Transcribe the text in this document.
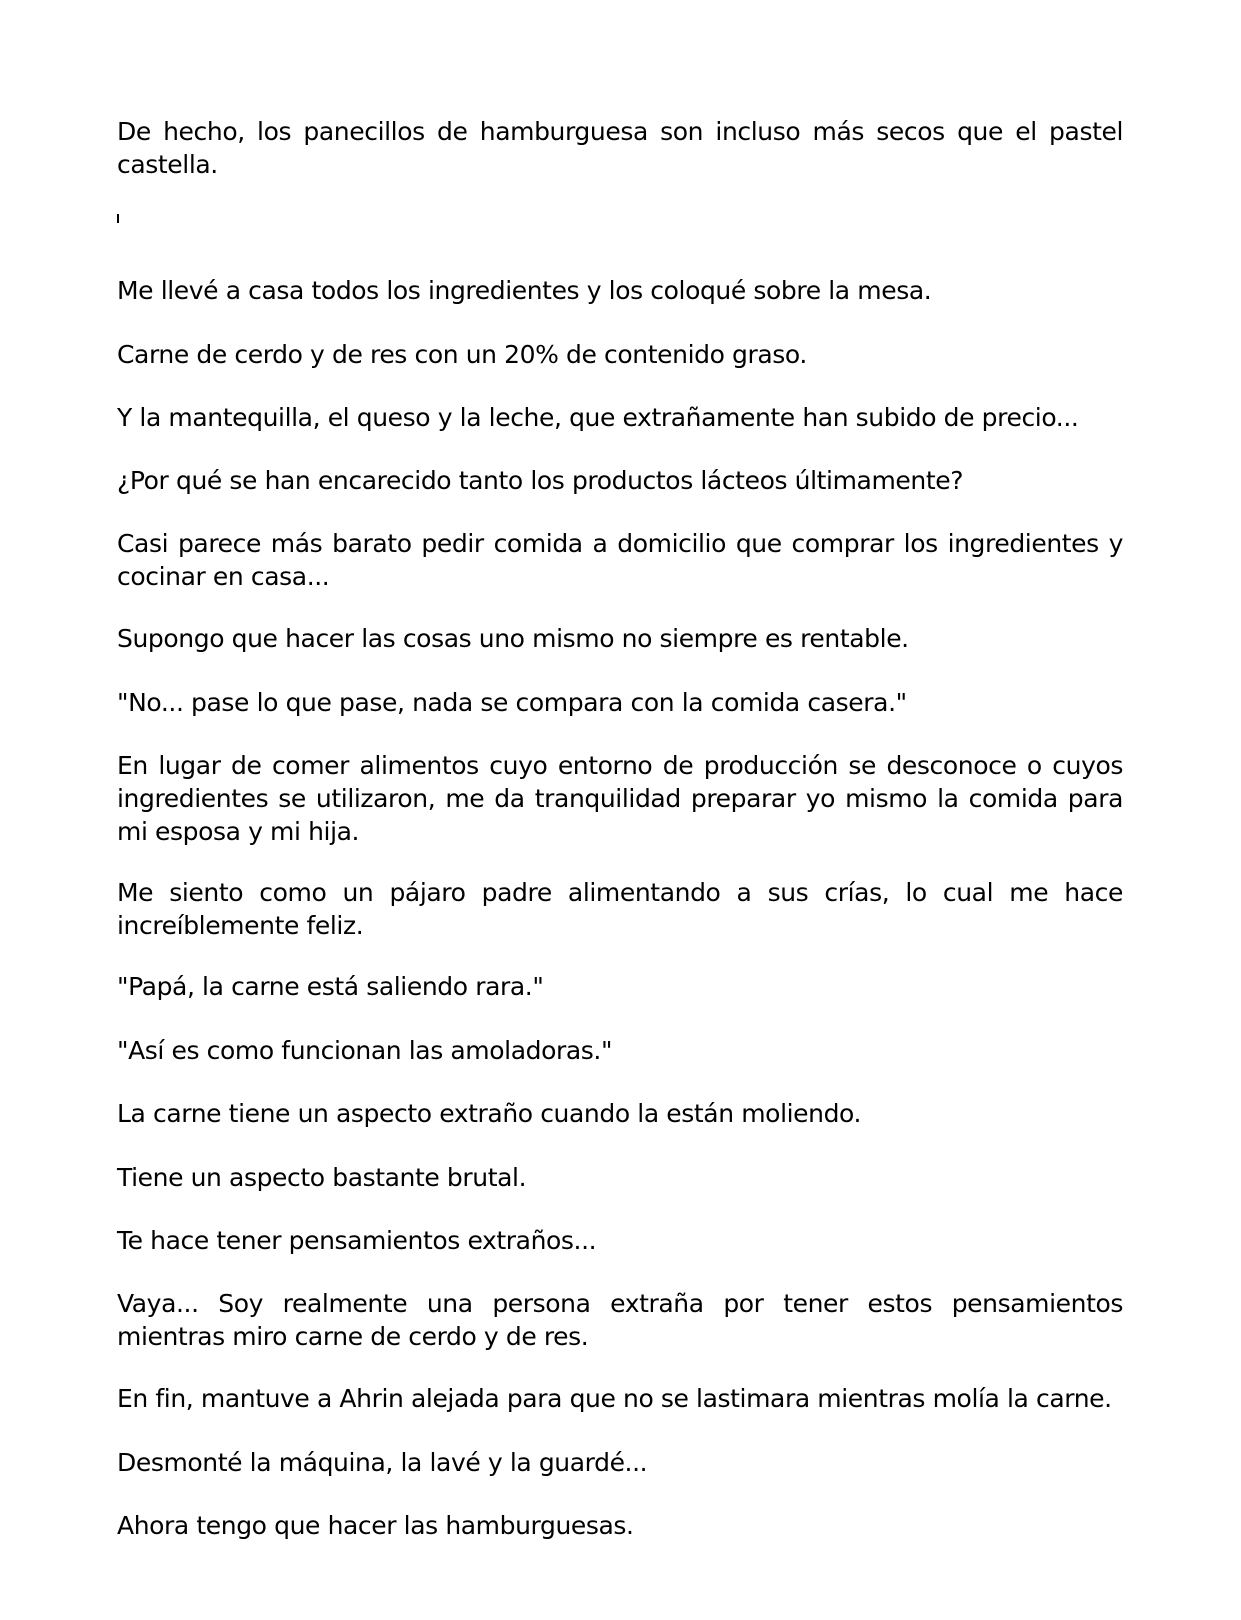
De hecho, los panecillos de hamburguesa son incluso más secos que el pastel castella.

Me llevé a casa todos los ingredientes y los coloqué sobre la mesa.

Carne de cerdo y de res con un 20% de contenido graso.

Y la mantequilla, el queso y la leche, que extrañamente han subido de precio...

¿Por qué se han encarecido tanto los productos lácteos últimamente?

Casi parece más barato pedir comida a domicilio que comprar los ingredientes y cocinar en casa...

Supongo que hacer las cosas uno mismo no siempre es rentable.

"No... pase lo que pase, nada se compara con la comida casera."

En lugar de comer alimentos cuyo entorno de producción se desconoce o cuyos ingredientes se utilizaron, me da tranquilidad preparar yo mismo la comida para mi esposa y mi hija.

Me siento como un pájaro padre alimentando a sus crías, lo cual me hace increíblemente feliz.

"Papá, la carne está saliendo rara."

"Así es como funcionan las amoladoras."

La carne tiene un aspecto extraño cuando la están moliendo.

Tiene un aspecto bastante brutal.

Te hace tener pensamientos extraños...

Vaya... Soy realmente una persona extraña por tener estos pensamientos mientras miro carne de cerdo y de res.

En fin, mantuve a Ahrin alejada para que no se lastimara mientras molía la carne.

Desmonté la máquina, la lavé y la guardé...

Ahora tengo que hacer las hamburguesas.
